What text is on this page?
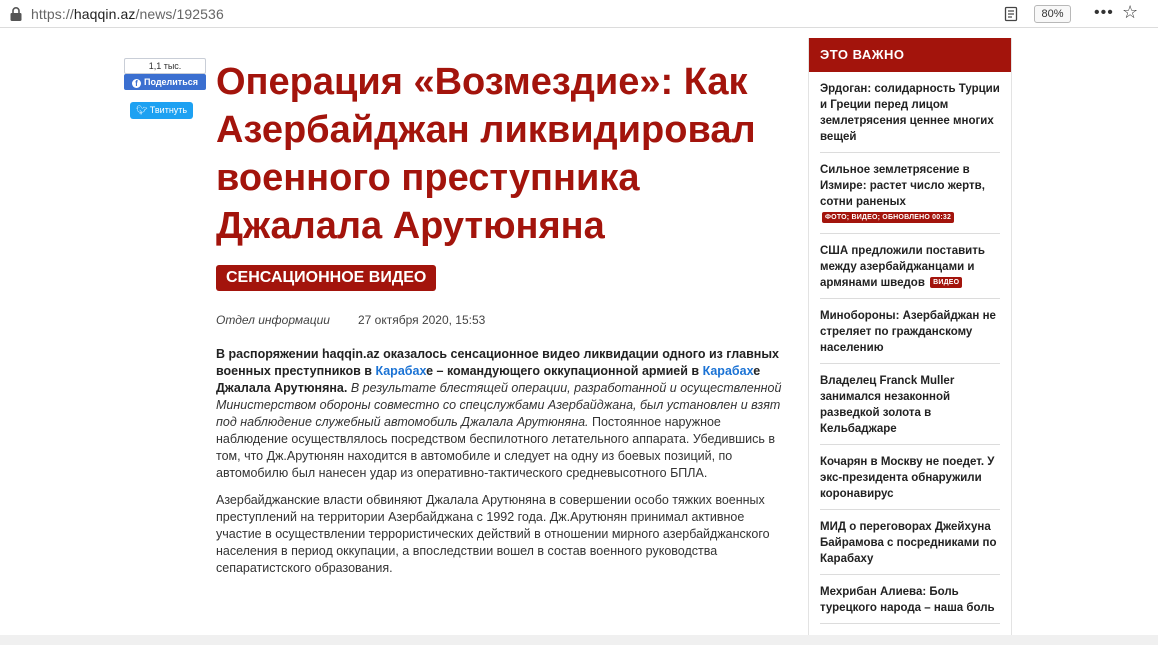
https://haqqin.az/news/192536	80%	••• ☆
1,1 тыс.
f Поделиться
🐦︎ Твитнуть
Операция «Возмездие»: Как Азербайджан ликвидировал военного преступника Джалала Арутюняна
СЕНСАЦИОННОЕ ВИДЕО
Отдел информации 27 октября 2020, 15:53

В распоряжении haqqin.az оказалось сенсационное видео ликвидации одного из главных военных преступников в Карабахе – командующего оккупационной армией в Карабахе Джалала Арутюняна. В результате блестящей операции, разработанной и осуществленной Министерством обороны совместно со спецслужбами Азербайджана, был установлен и взят под наблюдение служебный автомобиль Джалала Арутюняна. Постоянное наружное наблюдение осуществлялось посредством беспилотного летательного аппарата. Убедившись в том, что Дж.Арутюнян находится в автомобиле и следует на одну из боевых позиций, по автомобилю был нанесен удар из оперативно-тактического средневысотного БПЛА.

Азербайджанские власти обвиняют Джалала Арутюняна в совершении особо тяжких военных преступлений на территории Азербайджана с 1992 года. Дж.Арутюнян принимал активное участие в осуществлении террористических действий в отношении мирного азербайджанского населения в период оккупации, а впоследствии вошел в состав военного руководства сепаратистского образования.

ЭТО ВАЖНО
Эрдоган: солидарность Турции и Греции перед лицом землетрясения ценнее многих вещей
Сильное землетрясение в Измире: растет число жертв, сотни раненых ФОТО; ВИДЕО; ОБНОВЛЕНО 00:32
США предложили поставить между азербайджанцами и армянами шведов ВИДЕО
Минобороны: Азербайджан не стреляет по гражданскому населению
Владелец Franck Muller занимался незаконной разведкой золота в Кельбаджаре
Кочарян в Москву не поедет. У экс-президента обнаружили коронавирус
МИД о переговорах Джейхуна Байрамова с посредниками по Карабаху
Мехрибан Алиева: Боль турецкого народа – наша боль
